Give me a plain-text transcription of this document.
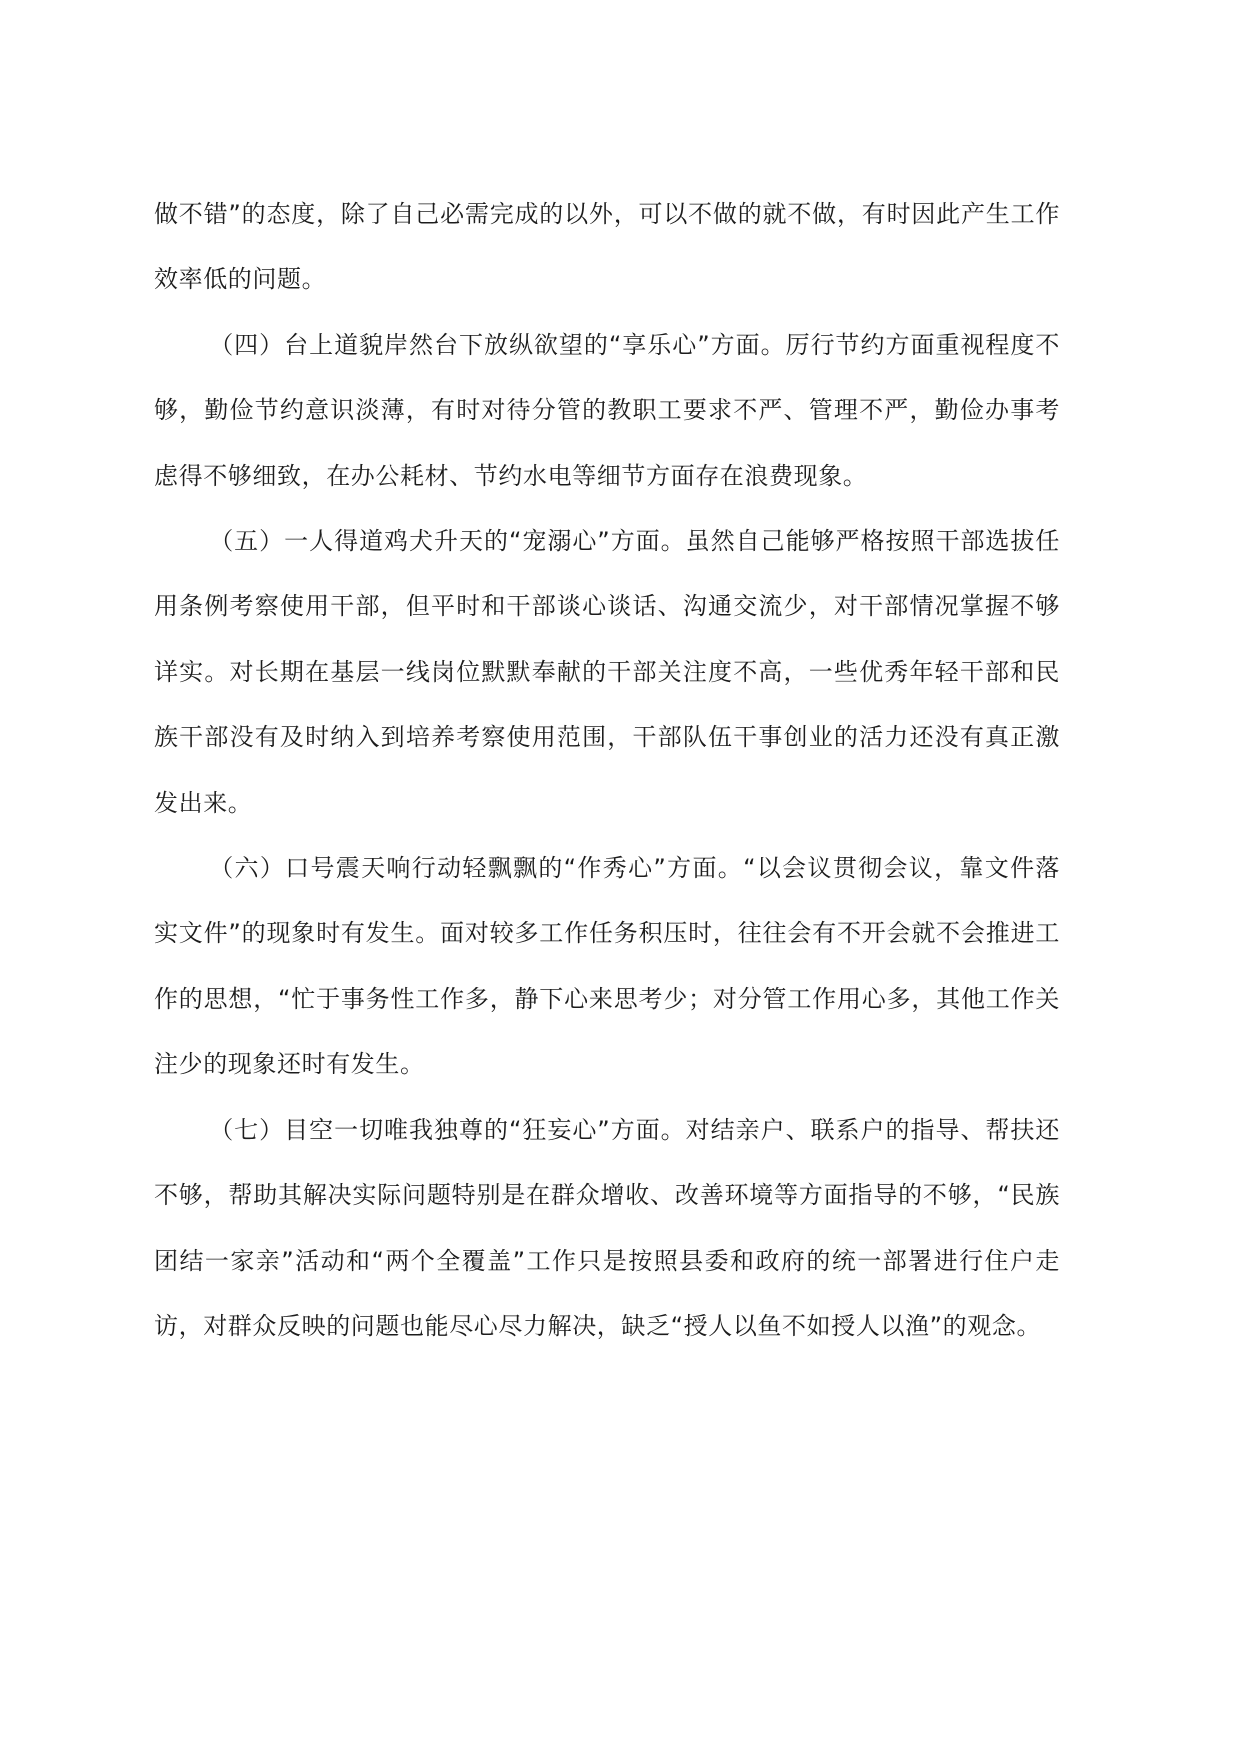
做不错”的态度，除了自己必需完成的以外，可以不做的就不做，有时因此产生工作效率低的问题。

（四）台上道貌岸然台下放纵欲望的“享乐心”方面。厉行节约方面重视程度不够，勤俭节约意识淡薄，有时对待分管的教职工要求不严、管理不严，勤俭办事考虑得不够细致，在办公耗材、节约水电等细节方面存在浪费现象。

（五）一人得道鸡犬升天的“宠溺心”方面。虽然自己能够严格按照干部选拔任用条例考察使用干部，但平时和干部谈心谈话、沟通交流少，对干部情况掌握不够详实。对长期在基层一线岗位默默奉献的干部关注度不高，一些优秀年轻干部和民族干部没有及时纳入到培养考察使用范围，干部队伍干事创业的活力还没有真正激发出来。

（六）口号震天响行动轻飘飘的“作秀心”方面。“以会议贯彻会议，靠文件落实文件”的现象时有发生。面对较多工作任务积压时，往往会有不开会就不会推进工作的思想，“忙于事务性工作多，静下心来思考少；对分管工作用心多，其他工作关注少的现象还时有发生。

（七）目空一切唯我独尊的“狂妄心”方面。对结亲户、联系户的指导、帮扶还不够，帮助其解决实际问题特别是在群众增收、改善环境等方面指导的不够，“民族团结一家亲”活动和“两个全覆盖”工作只是按照县委和政府的统一部署进行住户走访，对群众反映的问题也能尽心尽力解决，缺乏“授人以鱼不如授人以渔”的观念。
